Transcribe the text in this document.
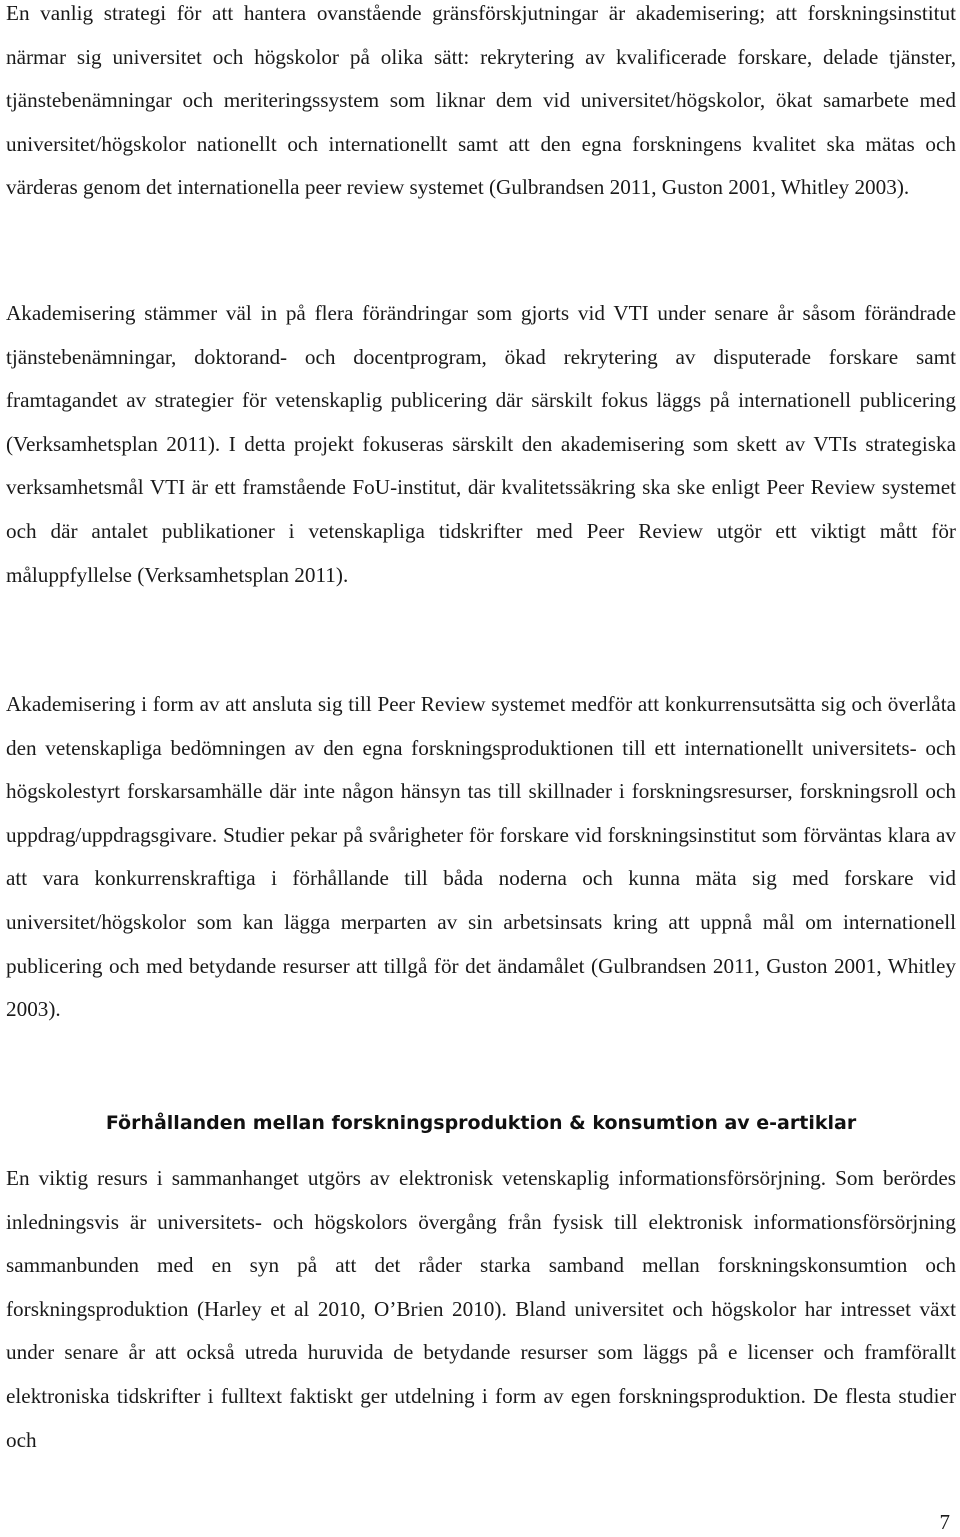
En vanlig strategi för att hantera ovanstående gränsförskjutningar är akademisering; att forskningsinstitut närmar sig universitet och högskolor på olika sätt: rekrytering av kvalificerade forskare, delade tjänster, tjänstebenämningar och meriteringssystem som liknar dem vid universitet/högskolor, ökat samarbete med universitet/högskolor nationellt och internationellt samt att den egna forskningens kvalitet ska mätas och värderas genom det internationella peer review systemet (Gulbrandsen 2011, Guston 2001, Whitley 2003).

Akademisering stämmer väl in på flera förändringar som gjorts vid VTI under senare år såsom förändrade tjänstebenämningar, doktorand- och docentprogram, ökad rekrytering av disputerade forskare samt framtagandet av strategier för vetenskaplig publicering där särskilt fokus läggs på internationell publicering (Verksamhetsplan 2011). I detta projekt fokuseras särskilt den akademisering som skett av VTIs strategiska verksamhetsmål VTI är ett framstående FoU-institut, där kvalitetssäkring ska ske enligt Peer Review systemet och där antalet publikationer i vetenskapliga tidskrifter med Peer Review utgör ett viktigt mått för måluppfyllelse (Verksamhetsplan 2011).

Akademisering i form av att ansluta sig till Peer Review systemet medför att konkurrensutsätta sig och överlåta den vetenskapliga bedömningen av den egna forskningsproduktionen till ett internationellt universitets- och högskolestyrt forskarsamhälle där inte någon hänsyn tas till skillnader i forskningsresurser, forskningsroll och uppdrag/uppdragsgivare. Studier pekar på svårigheter för forskare vid forskningsinstitut som förväntas klara av att vara konkurrenskraftiga i förhållande till båda noderna och kunna mäta sig med forskare vid universitet/högskolor som kan lägga merparten av sin arbetsinsats kring att uppnå mål om internationell publicering och med betydande resurser att tillgå för det ändamålet (Gulbrandsen 2011, Guston 2001, Whitley 2003).

Förhållanden mellan forskningsproduktion & konsumtion av e-artiklar

En viktig resurs i sammanhanget utgörs av elektronisk vetenskaplig informationsförsörjning. Som berördes inledningsvis är universitets- och högskolors övergång från fysisk till elektronisk informationsförsörjning sammanbunden med en syn på att det råder starka samband mellan forskningskonsumtion och forskningsproduktion (Harley et al 2010, O’Brien 2010). Bland universitet och högskolor har intresset växt under senare år att också utreda huruvida de betydande resurser som läggs på e licenser och framförallt elektroniska tidskrifter i fulltext faktiskt ger utdelning i form av egen forskningsproduktion. De flesta studier och

7
